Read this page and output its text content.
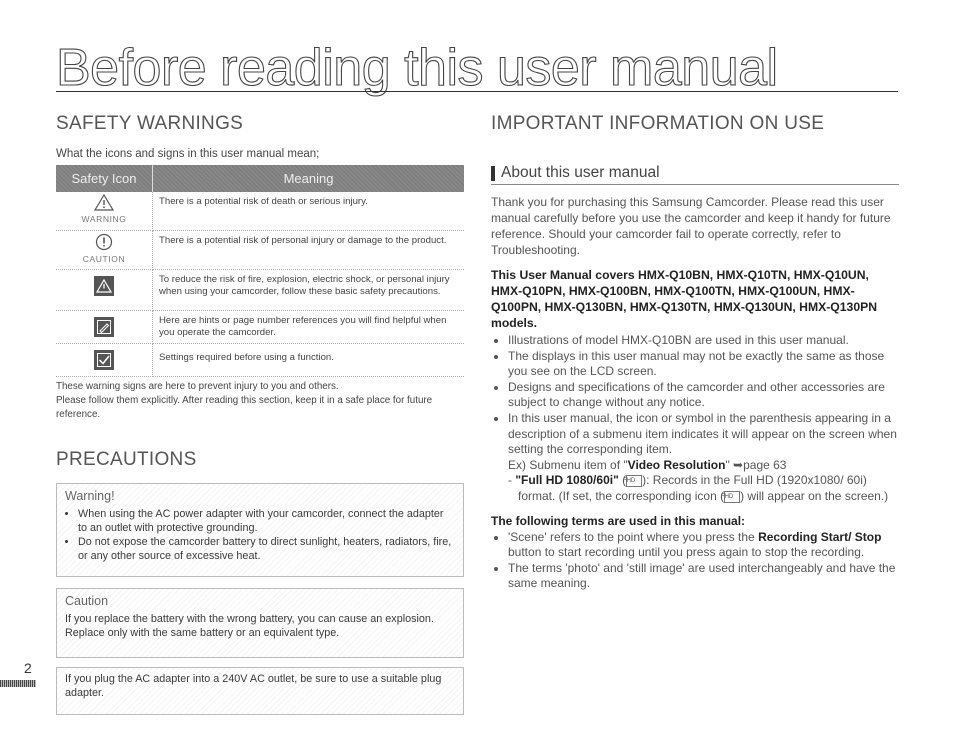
Before reading this user manual
SAFETY WARNINGS

What the icons and signs in this user manual mean;

Safety Icon	Meaning

WARNING	There is a potential risk of death or serious injury.

CAUTION	There is a potential risk of personal injury or damage to the product.

	To reduce the risk of fire, explosion, electric shock, or personal injury when using your camcorder, follow these basic safety precautions.

	Here are hints or page number references you will find helpful when you operate the camcorder.

	Settings required before using a function.

These warning signs are here to prevent injury to you and others.
Please follow them explicitly. After reading this section, keep it in a safe place for future reference.

PRECAUTIONS
Warning!
• When using the AC power adapter with your camcorder, connect the adapter to an outlet with protective grounding.
• Do not expose the camcorder battery to direct sunlight, heaters, radiators, fire, or any other source of excessive heat.
Caution
If you replace the battery with the wrong battery, you can cause an explosion. Replace only with the same battery or an equivalent type.
If you plug the AC adapter into a 240V AC outlet, be sure to use a suitable plug adapter.

2

IMPORTANT INFORMATION ON USE
About this user manual

Thank you for purchasing this Samsung Camcorder. Please read this user manual carefully before you use the camcorder and keep it handy for future reference. Should your camcorder fail to operate correctly, refer to Troubleshooting.

This User Manual covers HMX-Q10BN, HMX-Q10TN, HMX-Q10UN, HMX-Q10PN, HMX-Q100BN, HMX-Q100TN, HMX-Q100UN, HMX-Q100PN, HMX-Q130BN, HMX-Q130TN, HMX-Q130UN, HMX-Q130PN models.

• Illustrations of model HMX-Q10BN are used in this user manual.
• The displays in this user manual may not be exactly the same as those you see on the LCD screen.
• Designs and specifications of the camcorder and other accessories are subject to change without any notice.
• In this user manual, the icon or symbol in the parenthesis appearing in a description of a submenu item indicates it will appear on the screen when setting the corresponding item.
Ex) Submenu item of "Video Resolution" ➥page 63
- "Full HD 1080/60i" (FHD ): Records in the Full HD (1920x1080/ 60i) format. (If set, the corresponding icon (FHD ) will appear on the screen.)

The following terms are used in this manual:

• 'Scene' refers to the point where you press the Recording Start/ Stop button to start recording until you press again to stop the recording.
• The terms 'photo' and 'still image' are used interchangeably and have the same meaning.
